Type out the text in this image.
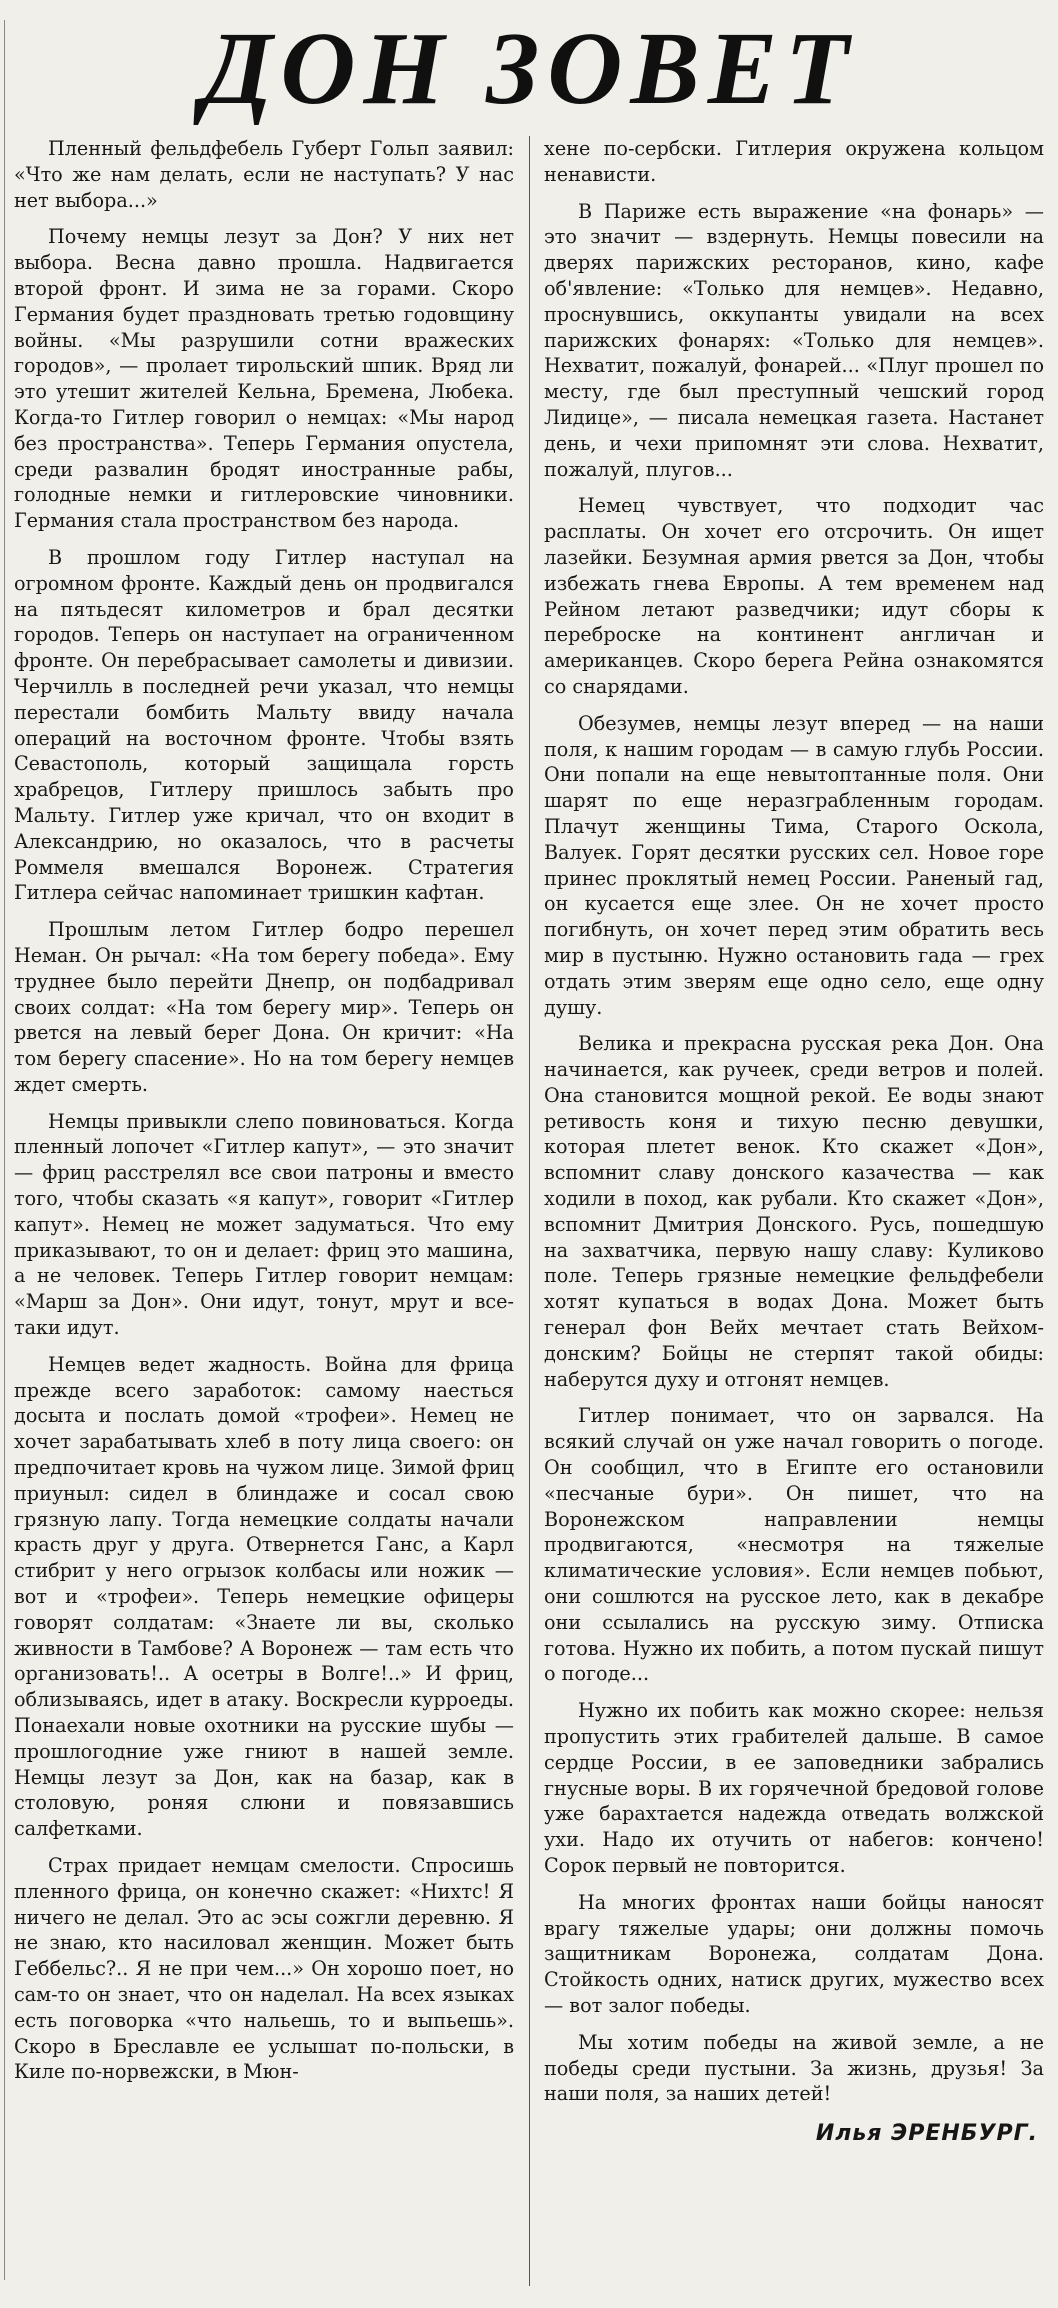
ДОН ЗОВЕТ

Пленный фельдфебель Губерт Гольп заявил: «Что же нам делать, если не наступать? У нас нет выбора...»

Почему немцы лезут за Дон? У них нет выбора. Весна давно прошла. Надвигается второй фронт. И зима не за горами. Скоро Германия будет праздновать третью годовщину войны. «Мы разрушили сотни вражеских городов», — пролает тирольский шпик. Вряд ли это утешит жителей Кельна, Бремена, Любека. Когда-то Гитлер говорил о немцах: «Мы народ без пространства». Теперь Германия опустела, среди развалин бродят иностранные рабы, голодные немки и гитлеровские чиновники. Германия стала пространством без народа.

В прошлом году Гитлер наступал на огромном фронте. Каждый день он продвигался на пятьдесят километров и брал десятки городов. Теперь он наступает на ограниченном фронте. Он перебрасывает самолеты и дивизии. Черчилль в последней речи указал, что немцы перестали бомбить Мальту ввиду начала операций на восточном фронте. Чтобы взять Севастополь, который защищала горсть храбрецов, Гитлеру пришлось забыть про Мальту. Гитлер уже кричал, что он входит в Александрию, но оказалось, что в расчеты Роммеля вмешался Воронеж. Стратегия Гитлера сейчас напоминает тришкин кафтан.

Прошлым летом Гитлер бодро перешел Неман. Он рычал: «На том берегу победа». Ему труднее было перейти Днепр, он подбадривал своих солдат: «На том берегу мир». Теперь он рвется на левый берег Дона. Он кричит: «На том берегу спасение». Но на том берегу немцев ждет смерть.

Немцы привыкли слепо повиноваться. Когда пленный лопочет «Гитлер капут», — это значит — фриц расстрелял все свои патроны и вместо того, чтобы сказать «я капут», говорит «Гитлер капут». Немец не может задуматься. Что ему приказывают, то он и делает: фриц это машина, а не человек. Теперь Гитлер говорит немцам: «Марш за Дон». Они идут, тонут, мрут и все-таки идут.

Немцев ведет жадность. Война для фрица прежде всего заработок: самому наесться досыта и послать домой «трофеи». Немец не хочет зарабатывать хлеб в поту лица своего: он предпочитает кровь на чужом лице. Зимой фриц приуныл: сидел в блиндаже и сосал свою грязную лапу. Тогда немецкие солдаты начали красть друг у друга. Отвернется Ганс, а Карл стибрит у него огрызок колбасы или ножик — вот и «трофеи». Теперь немецкие офицеры говорят солдатам: «Знаете ли вы, сколько живности в Тамбове? А Воронеж — там есть что организовать!.. А осетры в Волге!..» И фриц, облизываясь, идет в атаку. Воскресли курроеды. Понаехали новые охотники на русские шубы — прошлогодние уже гниют в нашей земле. Немцы лезут за Дон, как на базар, как в столовую, роняя слюни и повязавшись салфетками.

Страх придает немцам смелости. Спросишь пленного фрица, он конечно скажет: «Нихтс! Я ничего не делал. Это ас эсы сожгли деревню. Я не знаю, кто насиловал женщин. Может быть Геббельс?.. Я не при чем...» Он хорошо поет, но сам-то он знает, что он наделал. На всех языках есть поговорка «что нальешь, то и выпьешь». Скоро в Бреславле ее услышат по-польски, в Киле по-норвежски, в Мюн-

хене по-сербски. Гитлерия окружена кольцом ненависти.

В Париже есть выражение «на фонарь» — это значит — вздернуть. Немцы повесили на дверях парижских ресторанов, кино, кафе об'явление: «Только для немцев». Недавно, проснувшись, оккупанты увидали на всех парижских фонарях: «Только для немцев». Нехватит, пожалуй, фонарей... «Плуг прошел по месту, где был преступный чешский город Лидице», — писала немецкая газета. Настанет день, и чехи припомнят эти слова. Нехватит, пожалуй, плугов...

Немец чувствует, что подходит час расплаты. Он хочет его отсрочить. Он ищет лазейки. Безумная армия рвется за Дон, чтобы избежать гнева Европы. А тем временем над Рейном летают разведчики; идут сборы к переброске на континент англичан и американцев. Скоро берега Рейна ознакомятся со снарядами.

Обезумев, немцы лезут вперед — на наши поля, к нашим городам — в самую глубь России. Они попали на еще невытоптанные поля. Они шарят по еще неразграбленным городам. Плачут женщины Тима, Старого Оскола, Валуек. Горят десятки русских сел. Новое горе принес проклятый немец России. Раненый гад, он кусается еще злее. Он не хочет просто погибнуть, он хочет перед этим обратить весь мир в пустыню. Нужно остановить гада — грех отдать этим зверям еще одно село, еще одну душу.

Велика и прекрасна русская река Дон. Она начинается, как ручеек, среди ветров и полей. Она становится мощной рекой. Ее воды знают ретивость коня и тихую песню девушки, которая плетет венок. Кто скажет «Дон», вспомнит славу донского казачества — как ходили в поход, как рубали. Кто скажет «Дон», вспомнит Дмитрия Донского. Русь, пошедшую на захватчика, первую нашу славу: Куликово поле. Теперь грязные немецкие фельдфебели хотят купаться в водах Дона. Может быть генерал фон Вейх мечтает стать Вейхом-донским? Бойцы не стерпят такой обиды: наберутся духу и отгонят немцев.

Гитлер понимает, что он зарвался. На всякий случай он уже начал говорить о погоде. Он сообщил, что в Египте его остановили «песчаные бури». Он пишет, что на Воронежском направлении немцы продвигаются, «несмотря на тяжелые климатические условия». Если немцев побьют, они сошлются на русское лето, как в декабре они ссылались на русскую зиму. Отписка готова. Нужно их побить, а потом пускай пишут о погоде...

Нужно их побить как можно скорее: нельзя пропустить этих грабителей дальше. В самое сердце России, в ее заповедники забрались гнусные воры. В их горячечной бредовой голове уже барахтается надежда отведать волжской ухи. Надо их отучить от набегов: кончено! Сорок первый не повторится.

На многих фронтах наши бойцы наносят врагу тяжелые удары; они должны помочь защитникам Воронежа, солдатам Дона. Стойкость одних, натиск других, мужество всех — вот залог победы.

Мы хотим победы на живой земле, а не победы среди пустыни. За жизнь, друзья! За наши поля, за наших детей!

Илья ЭРЕНБУРГ.
